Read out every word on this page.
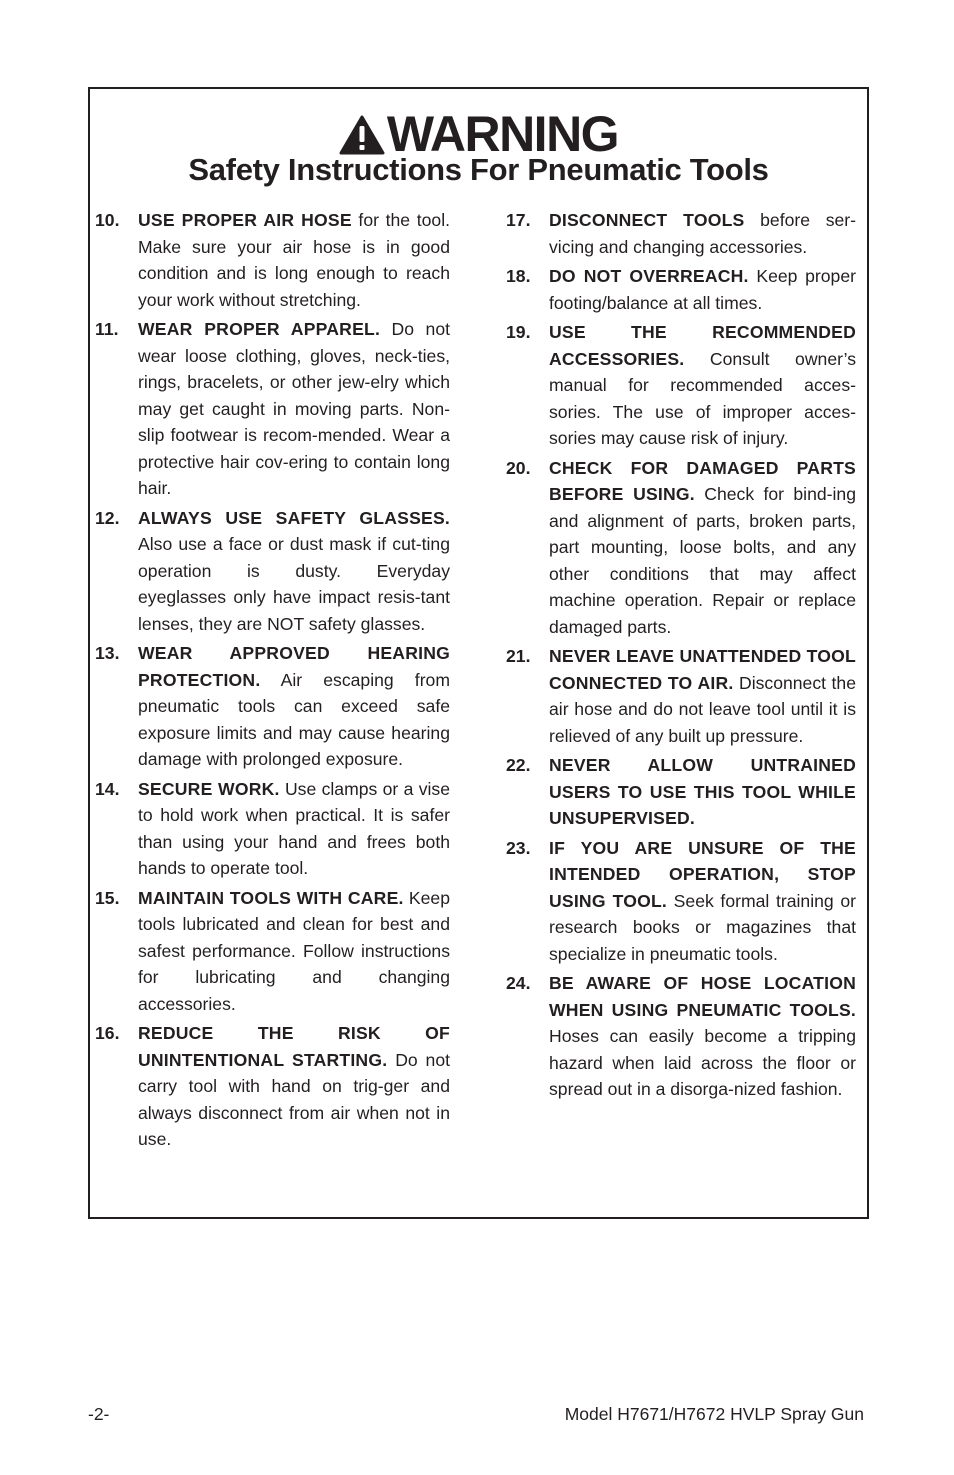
WARNING
Safety Instructions For Pneumatic Tools
10.	USE PROPER AIR HOSE for the tool. Make sure your air hose is in good condition and is long enough to reach your work without stretching.
11.	WEAR PROPER APPAREL. Do not wear loose clothing, gloves, neck-ties, rings, bracelets, or other jew-elry which may get caught in moving parts. Non-slip footwear is recom-mended. Wear a protective hair cov-ering to contain long hair.
12.	ALWAYS USE SAFETY GLASSES. Also use a face or dust mask if cut-ting operation is dusty. Everyday eyeglasses only have impact resis-tant lenses, they are NOT safety glasses.
13.	WEAR APPROVED HEARING PROTECTION. Air escaping from pneumatic tools can exceed safe exposure limits and may cause hearing damage with prolonged exposure.
14.	SECURE WORK. Use clamps or a vise to hold work when practical. It is safer than using your hand and frees both hands to operate tool.
15.	MAINTAIN TOOLS WITH CARE. Keep tools lubricated and clean for best and safest performance. Follow instructions for lubricating and changing accessories.
16.	REDUCE THE RISK OF UNINTENTIONAL STARTING. Do not carry tool with hand on trig-ger and always disconnect from air when not in use.
17.	DISCONNECT TOOLS before ser-vicing and changing accessories.
18.	DO NOT OVERREACH. Keep proper footing/balance at all times.
19.	USE THE RECOMMENDED ACCESSORIES. Consult owner’s manual for recommended acces-sories. The use of improper acces-sories may cause risk of injury.
20.	CHECK FOR DAMAGED PARTS BEFORE USING. Check for bind-ing and alignment of parts, broken parts, part mounting, loose bolts, and any other conditions that may affect machine operation. Repair or replace damaged parts.
21.	NEVER LEAVE UNATTENDED TOOL CONNECTED TO AIR. Disconnect the air hose and do not leave tool until it is relieved of any built up pressure.
22.	NEVER ALLOW UNTRAINED USERS TO USE THIS TOOL WHILE UNSUPERVISED.
23.	IF YOU ARE UNSURE OF THE INTENDED OPERATION, STOP USING TOOL. Seek formal training or research books or magazines that specialize in pneumatic tools.
24.	BE AWARE OF HOSE LOCATION WHEN USING PNEUMATIC TOOLS. Hoses can easily become a tripping hazard when laid across the floor or spread out in a disorga-nized fashion.
-2-	Model H7671/H7672 HVLP Spray Gun
